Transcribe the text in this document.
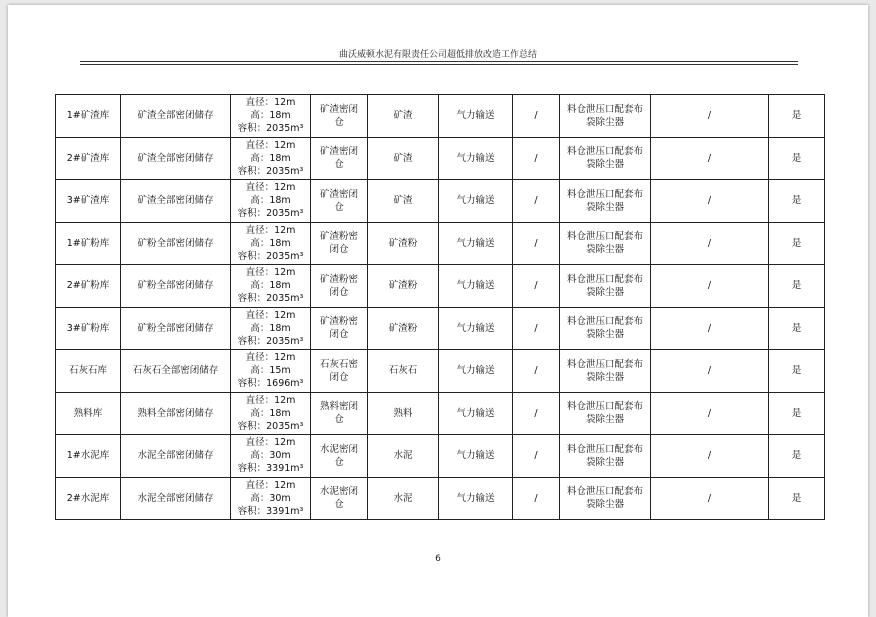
曲沃威顿水泥有限责任公司超低排放改造工作总结
1#矿渣库	矿渣全部密闭储存	直径：12m
高：18m
容积：2035m³	矿渣密闭
仓	矿渣	气力输送	/	料仓泄压口配套布
袋除尘器	/	是
2#矿渣库	矿渣全部密闭储存	直径：12m
高：18m
容积：2035m³	矿渣密闭
仓	矿渣	气力输送	/	料仓泄压口配套布
袋除尘器	/	是
3#矿渣库	矿渣全部密闭储存	直径：12m
高：18m
容积：2035m³	矿渣密闭
仓	矿渣	气力输送	/	料仓泄压口配套布
袋除尘器	/	是
1#矿粉库	矿粉全部密闭储存	直径：12m
高：18m
容积：2035m³	矿渣粉密
闭仓	矿渣粉	气力输送	/	料仓泄压口配套布
袋除尘器	/	是
2#矿粉库	矿粉全部密闭储存	直径：12m
高：18m
容积：2035m³	矿渣粉密
闭仓	矿渣粉	气力输送	/	料仓泄压口配套布
袋除尘器	/	是
3#矿粉库	矿粉全部密闭储存	直径：12m
高：18m
容积：2035m³	矿渣粉密
闭仓	矿渣粉	气力输送	/	料仓泄压口配套布
袋除尘器	/	是
石灰石库	石灰石全部密闭储存	直径：12m
高：15m
容积：1696m³	石灰石密
闭仓	石灰石	气力输送	/	料仓泄压口配套布
袋除尘器	/	是
熟料库	熟料全部密闭储存	直径：12m
高：18m
容积：2035m³	熟料密闭
仓	熟料	气力输送	/	料仓泄压口配套布
袋除尘器	/	是
1#水泥库	水泥全部密闭储存	直径：12m
高：30m
容积：3391m³	水泥密闭
仓	水泥	气力输送	/	料仓泄压口配套布
袋除尘器	/	是
2#水泥库	水泥全部密闭储存	直径：12m
高：30m
容积：3391m³	水泥密闭
仓	水泥	气力输送	/	料仓泄压口配套布
袋除尘器	/	是
6
